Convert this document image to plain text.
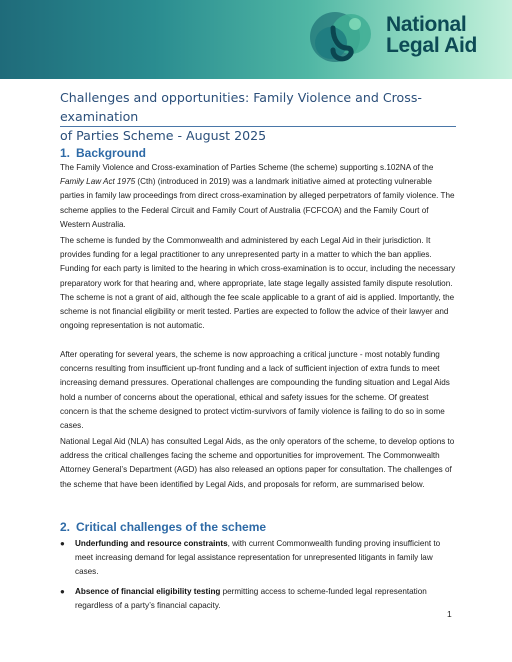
National
Legal Aid
Challenges and opportunities: Family Violence and Cross-examination
of Parties Scheme - August 2025
1. Background
The Family Violence and Cross-examination of Parties Scheme (the scheme) supporting s.102NA of the Family Law Act 1975 (Cth) (introduced in 2019) was a landmark initiative aimed at protecting vulnerable parties in family law proceedings from direct cross-examination by alleged perpetrators of family violence. The scheme applies to the Federal Circuit and Family Court of Australia (FCFCOA) and the Family Court of Western Australia.
The scheme is funded by the Commonwealth and administered by each Legal Aid in their jurisdiction. It provides funding for a legal practitioner to any unrepresented party in a matter to which the ban applies. Funding for each party is limited to the hearing in which cross-examination is to occur, including the necessary preparatory work for that hearing and, where appropriate, late stage legally assisted family dispute resolution. The scheme is not a grant of aid, although the fee scale applicable to a grant of aid is applied. Importantly, the scheme is not financial eligibility or merit tested. Parties are expected to follow the advice of their lawyer and ongoing representation is not automatic.
After operating for several years, the scheme is now approaching a critical juncture - most notably funding concerns resulting from insufficient up-front funding and a lack of sufficient injection of extra funds to meet increasing demand pressures. Operational challenges are compounding the funding situation and Legal Aids hold a number of concerns about the operational, ethical and safety issues for the scheme. Of greatest concern is that the scheme designed to protect victim-survivors of family violence is failing to do so in some cases.
National Legal Aid (NLA) has consulted Legal Aids, as the only operators of the scheme, to develop options to address the critical challenges facing the scheme and opportunities for improvement. The Commonwealth Attorney General’s Department (AGD) has also released an options paper for consultation. The challenges of the scheme that have been identified by Legal Aids, and proposals for reform, are summarised below.
2. Critical challenges of the scheme
● Underfunding and resource constraints, with current Commonwealth funding proving insufficient to meet increasing demand for legal assistance representation for unrepresented litigants in family law cases.
● Absence of financial eligibility testing permitting access to scheme-funded legal representation regardless of a party’s financial capacity.
1
